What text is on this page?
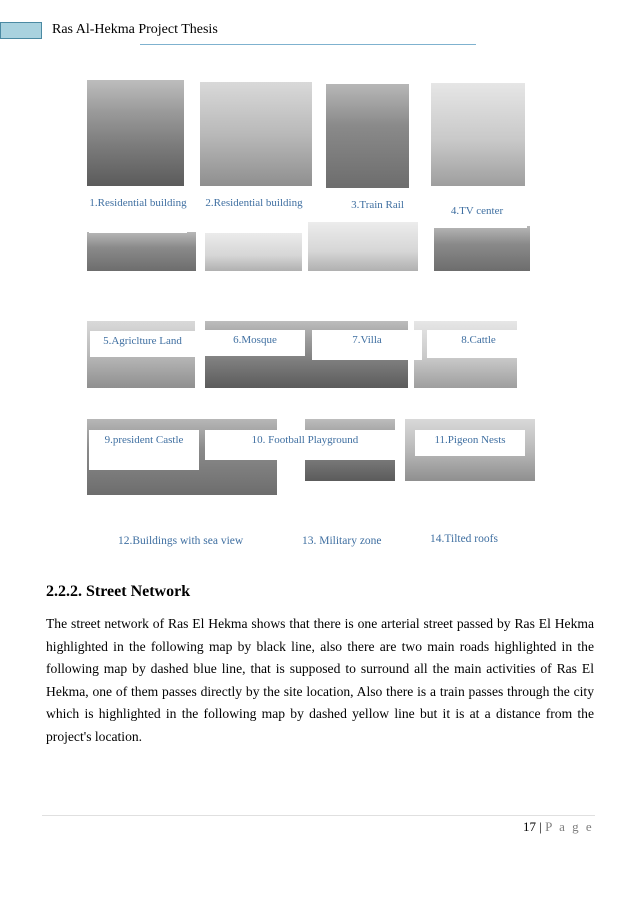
Ras Al-Hekma Project Thesis
1.Residential building 2.Residential building	3.Train Rail	4.TV center
5.Agriclture Land	6.Mosque	7.Villa	8.Cattle
9.president Castle	10. Football Playground	11.Pigeon Nests
12.Buildings with sea view	13. Military zone	14.Tilted roofs
2.2.2. Street Network
The street network of Ras El Hekma shows that there is one arterial street passed by Ras El Hekma highlighted in the following map by black line, also there are two main roads highlighted in the following map by dashed blue line, that is supposed to surround all the main activities of Ras El Hekma, one of them passes directly by the site location, Also there is a train passes through the city which is highlighted in the following map by dashed yellow line but it is at a distance from the project's location.
17 | P a g e
